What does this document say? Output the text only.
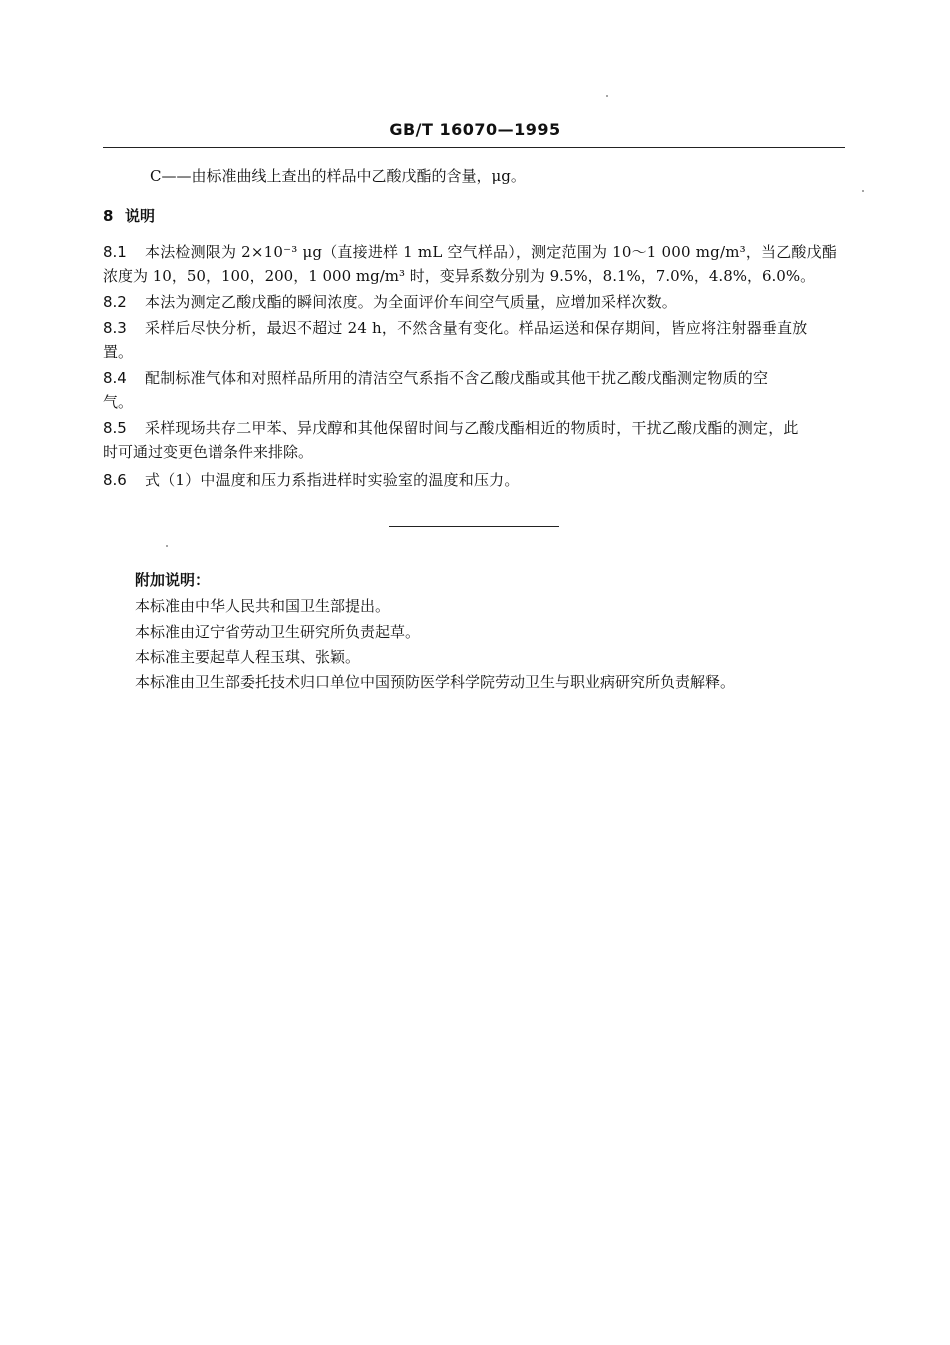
GB/T 16070—1995
C——由标准曲线上查出的样品中乙酸戊酯的含量，μg。
8 说明
8.1 本法检测限为 2×10⁻³ μg（直接进样 1 mL 空气样品），测定范围为 10～1 000 mg/m³，当乙酸戊酯
浓度为 10，50，100，200，1 000 mg/m³ 时，变异系数分别为 9.5%，8.1%，7.0%，4.8%，6.0%。
8.2 本法为测定乙酸戊酯的瞬间浓度。为全面评价车间空气质量，应增加采样次数。
8.3 采样后尽快分析，最迟不超过 24 h，不然含量有变化。样品运送和保存期间，皆应将注射器垂直放
置。
8.4 配制标准气体和对照样品所用的清洁空气系指不含乙酸戊酯或其他干扰乙酸戊酯测定物质的空
气。
8.5 采样现场共存二甲苯、异戊醇和其他保留时间与乙酸戊酯相近的物质时，干扰乙酸戊酯的测定，此
时可通过变更色谱条件来排除。
8.6 式（1）中温度和压力系指进样时实验室的温度和压力。
附加说明：
本标准由中华人民共和国卫生部提出。
本标准由辽宁省劳动卫生研究所负责起草。
本标准主要起草人程玉琪、张颖。
本标准由卫生部委托技术归口单位中国预防医学科学院劳动卫生与职业病研究所负责解释。
